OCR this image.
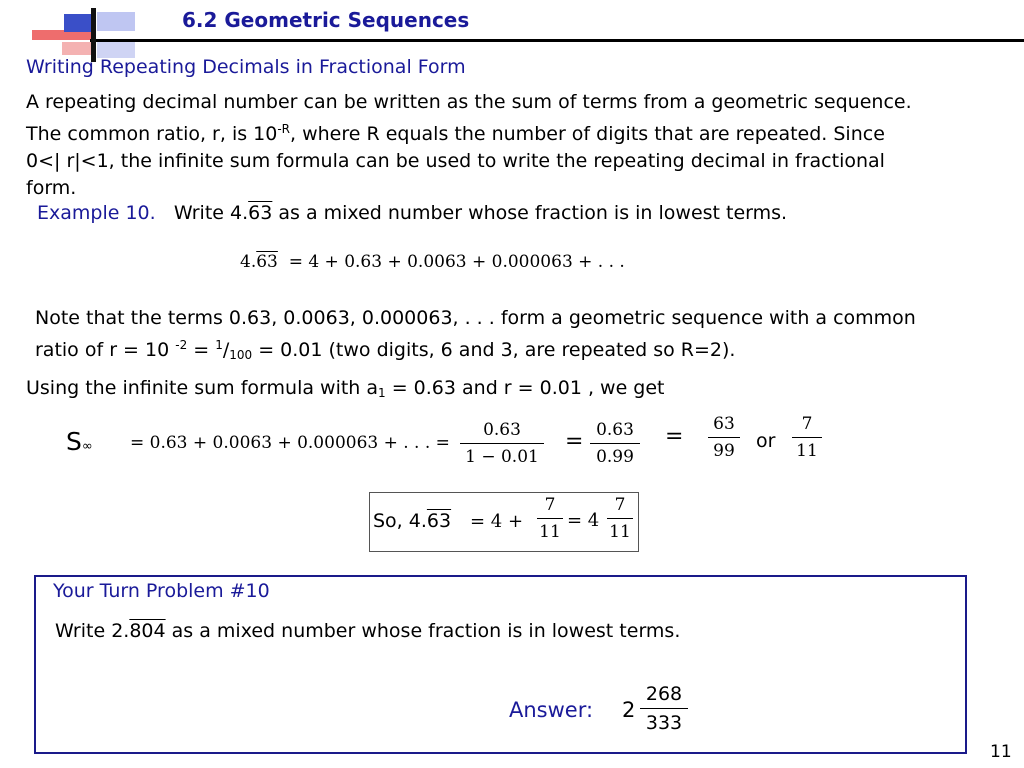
6.2 Geometric Sequences
Writing Repeating Decimals in Fractional Form
A repeating decimal number can be written as the sum of terms from a geometric sequence.
The common ratio, r, is $10^{-R}$, where R equals the number of digits that are repeated. Since
0<| r|<1, the infinite sum formula can be used to write the repeating decimal in fractional
form.
Example 10. Write 4.63 as a mixed number whose fraction is in lowest terms.
4.63 = 4 + 0.63 + 0.0063 + 0.000063 + . . .
Note that the terms 0.63, 0.0063, 0.000063, . . . form a geometric sequence with a common
ratio of r = 10 $^{-2} = ^1/_{100} = 0.01$ (two digits, 6 and 3, are repeated so R=2).
Using the infinite sum formula with $a_1 = 0.63$ and r = 0.01 , we get
S∞ = 0.63 + 0.0063 + 0.000063 + . . . = $\frac{0.63}{1 - 0.01} = \frac{0.63}{0.99} = \frac{63}{99}$ or $\frac{7}{11}$
So, $4.63 = 4 + \frac{7}{11} = 4 \frac{7}{11}$
Your Turn Problem #10
Write 2.804 as a mixed number whose fraction is in lowest terms.
Answer: $2 \frac{268}{333}$
11
